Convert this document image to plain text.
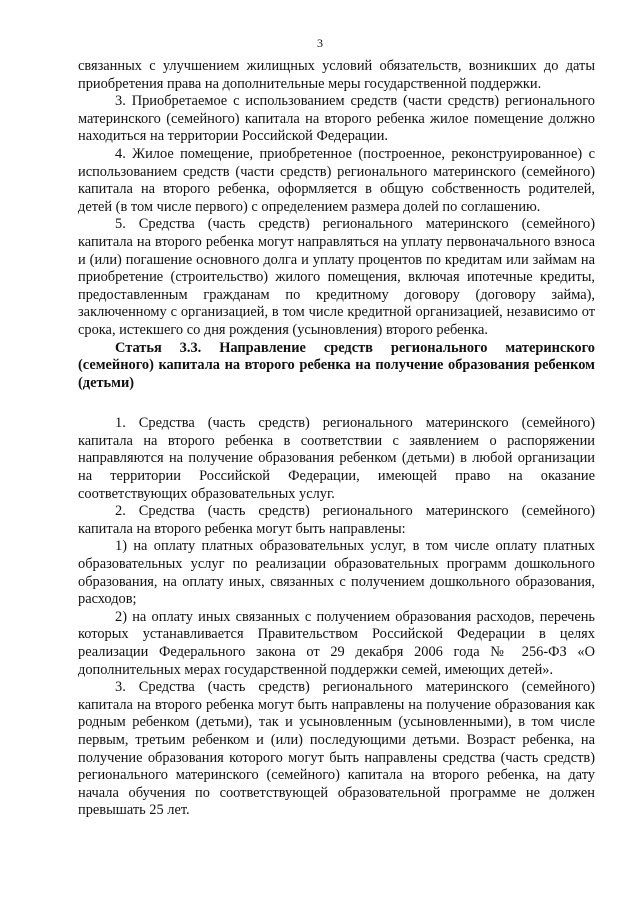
3

связанных с улучшением жилищных условий обязательств, возникших до даты приобретения права на дополнительные меры государственной поддержки.

3. Приобретаемое с использованием средств (части средств) регионального материнского (семейного) капитала на второго ребенка жилое помещение должно находиться на территории Российской Федерации.

4. Жилое помещение, приобретенное (построенное, реконструированное) с использованием средств (части средств) регионального материнского (семейного) капитала на второго ребенка, оформляется в общую собственность родителей, детей (в том числе первого) с определением размера долей по соглашению.

5. Средства (часть средств) регионального материнского (семейного) капитала на второго ребенка могут направляться на уплату первоначального взноса и (или) погашение основного долга и уплату процентов по кредитам или займам на приобретение (строительство) жилого помещения, включая ипотечные кредиты, предоставленным гражданам по кредитному договору (договору займа), заключенному с организацией, в том числе кредитной организацией, независимо от срока, истекшего со дня рождения (усыновления) второго ребенка.

Статья 3.3. Направление средств регионального материнского (семейного) капитала на второго ребенка на получение образования ребенком (детьми)

1. Средства (часть средств) регионального материнского (семейного) капитала на второго ребенка в соответствии с заявлением о распоряжении направляются на получение образования ребенком (детьми) в любой организации на территории Российской Федерации, имеющей право на оказание соответствующих образовательных услуг.

2. Средства (часть средств) регионального материнского (семейного) капитала на второго ребенка могут быть направлены:

1) на оплату платных образовательных услуг, в том числе оплату платных образовательных услуг по реализации образовательных программ дошкольного образования, на оплату иных, связанных с получением дошкольного образования, расходов;

2) на оплату иных связанных с получением образования расходов, перечень которых устанавливается Правительством Российской Федерации в целях реализации Федерального закона от 29 декабря 2006 года № 256-ФЗ «О дополнительных мерах государственной поддержки семей, имеющих детей».

3. Средства (часть средств) регионального материнского (семейного) капитала на второго ребенка могут быть направлены на получение образования как родным ребенком (детьми), так и усыновленным (усыновленными), в том числе первым, третьим ребенком и (или) последующими детьми. Возраст ребенка, на получение образования которого могут быть направлены средства (часть средств) регионального материнского (семейного) капитала на второго ребенка, на дату начала обучения по соответствующей образовательной программе не должен превышать 25 лет.
